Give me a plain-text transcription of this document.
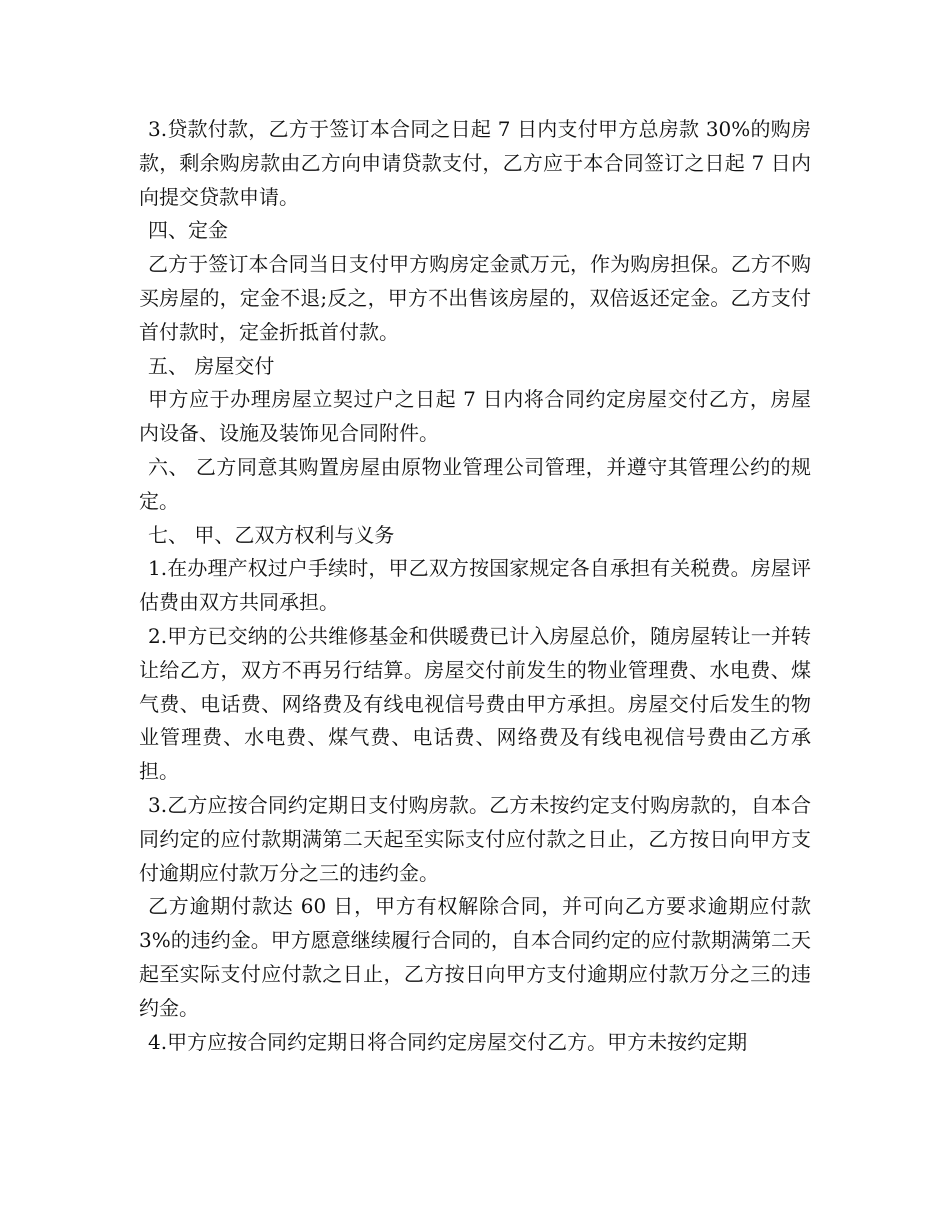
3.贷款付款，乙方于签订本合同之日起 7 日内支付甲方总房款 30%的购房款，剩余购房款由乙方向申请贷款支付，乙方应于本合同签订之日起 7 日内向提交贷款申请。

四、定金

乙方于签订本合同当日支付甲方购房定金贰万元，作为购房担保。乙方不购买房屋的，定金不退;反之，甲方不出售该房屋的，双倍返还定金。乙方支付首付款时，定金折抵首付款。

五、 房屋交付

甲方应于办理房屋立契过户之日起 7 日内将合同约定房屋交付乙方，房屋内设备、设施及装饰见合同附件。

六、 乙方同意其购置房屋由原物业管理公司管理，并遵守其管理公约的规定。

七、 甲、乙双方权利与义务

1.在办理产权过户手续时，甲乙双方按国家规定各自承担有关税费。房屋评估费由双方共同承担。

2.甲方已交纳的公共维修基金和供暖费已计入房屋总价，随房屋转让一并转让给乙方，双方不再另行结算。房屋交付前发生的物业管理费、水电费、煤气费、电话费、网络费及有线电视信号费由甲方承担。房屋交付后发生的物业管理费、水电费、煤气费、电话费、网络费及有线电视信号费由乙方承担。

3.乙方应按合同约定期日支付购房款。乙方未按约定支付购房款的，自本合同约定的应付款期满第二天起至实际支付应付款之日止，乙方按日向甲方支付逾期应付款万分之三的违约金。

乙方逾期付款达 60 日，甲方有权解除合同，并可向乙方要求逾期应付款 3%的违约金。甲方愿意继续履行合同的，自本合同约定的应付款期满第二天起至实际支付应付款之日止，乙方按日向甲方支付逾期应付款万分之三的违约金。

4.甲方应按合同约定期日将合同约定房屋交付乙方。甲方未按约定期
